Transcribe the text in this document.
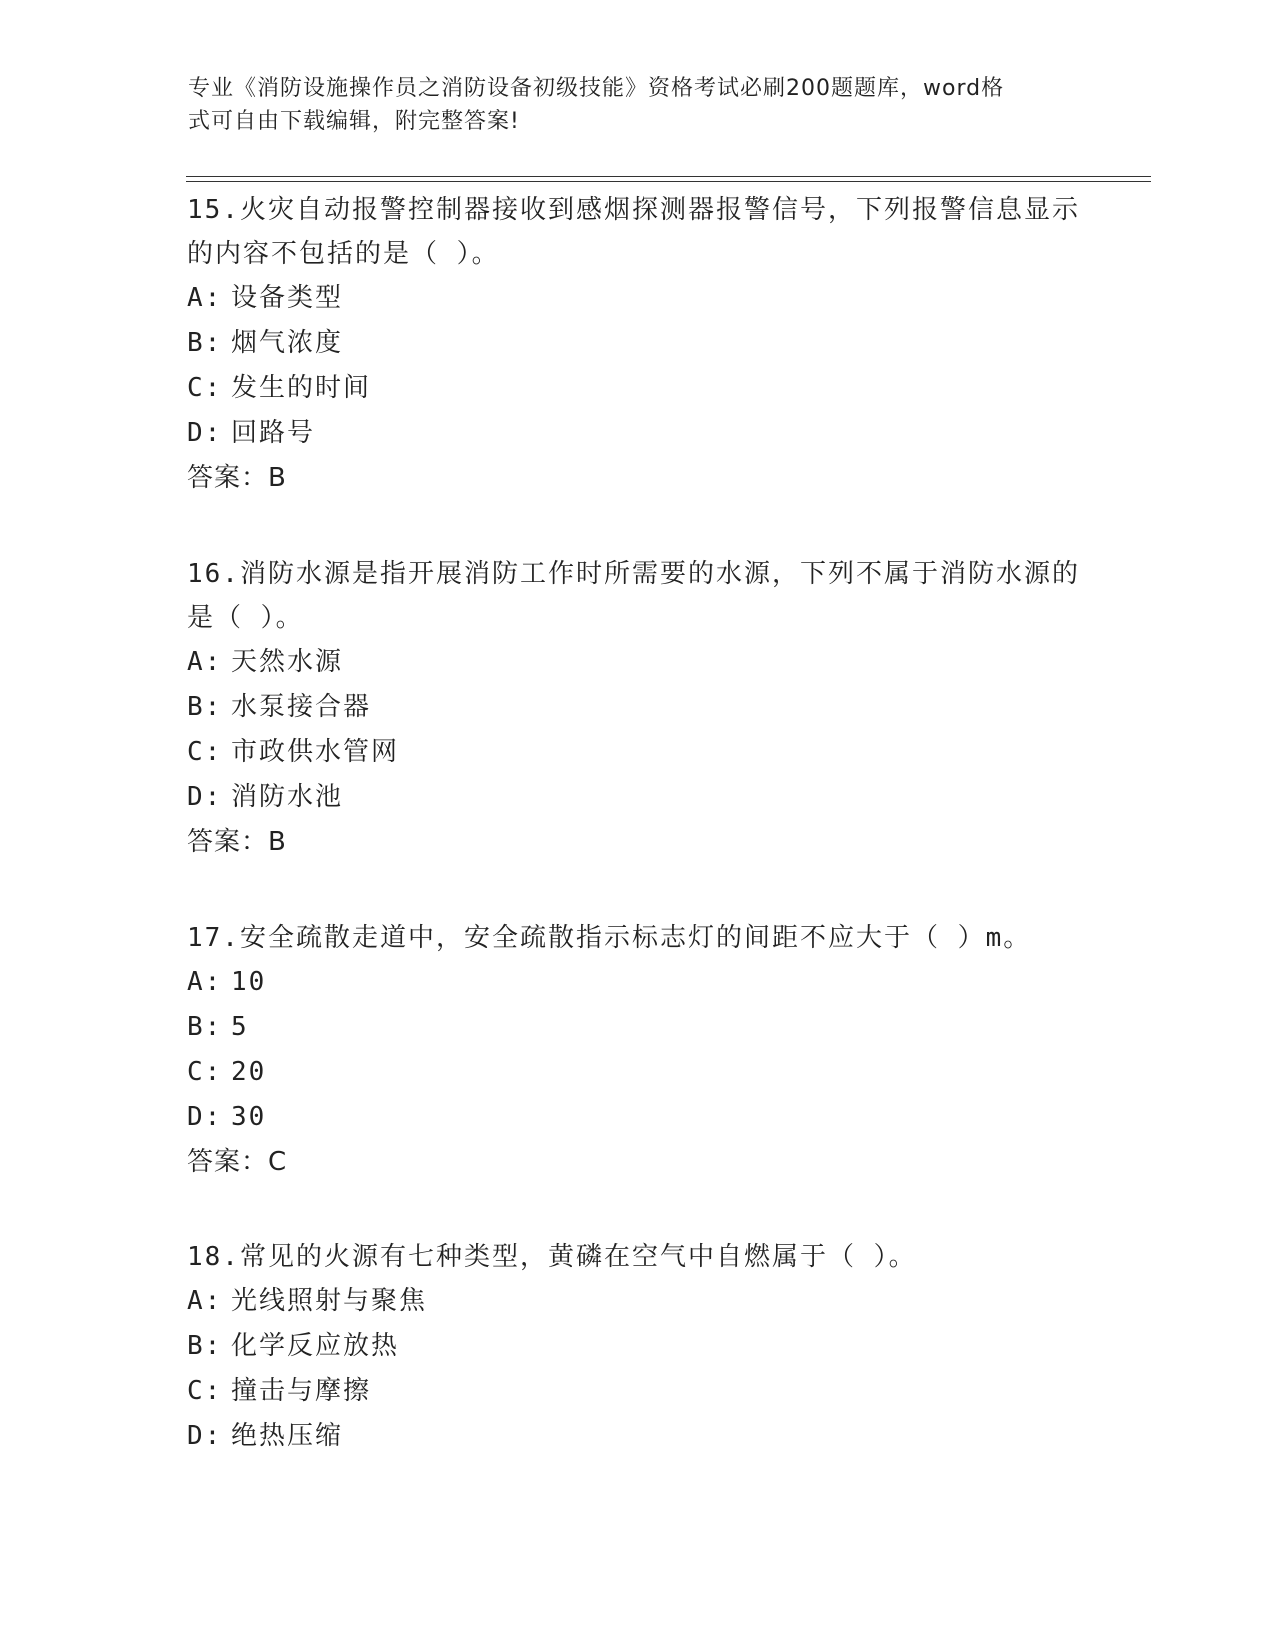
专业《消防设施操作员之消防设备初级技能》资格考试必刷200题题库，word格
式可自由下载编辑，附完整答案!

15.火灾自动报警控制器接收到感烟探测器报警信号，下列报警信息显示的内容不包括的是（ ）。

A: 设备类型
B: 烟气浓度
C: 发生的时间
D: 回路号
答案：B

16.消防水源是指开展消防工作时所需要的水源，下列不属于消防水源的是（ ）。

A: 天然水源
B: 水泵接合器
C: 市政供水管网
D: 消防水池
答案：B

17.安全疏散走道中，安全疏散指示标志灯的间距不应大于（ ）m。

A: 10
B: 5
C: 20
D: 30
答案：C

18.常见的火源有七种类型，黄磷在空气中自燃属于（ ）。

A: 光线照射与聚焦
B: 化学反应放热
C: 撞击与摩擦
D: 绝热压缩
